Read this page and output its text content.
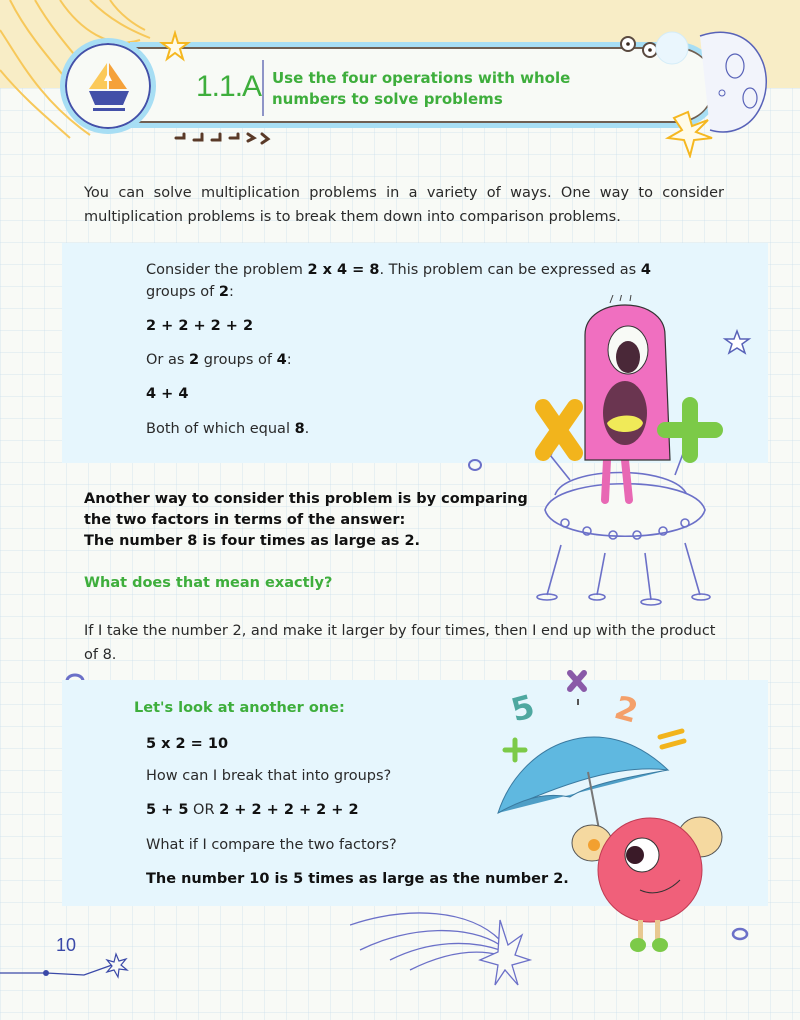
1.1.A Use the four operations with whole numbers to solve problems
You can solve multiplication problems in a variety of ways. One way to consider multiplication problems is to break them down into comparison problems.
Consider the problem 2 x 4 = 8. This problem can be expressed as 4
groups of 2:
2 + 2 + 2 + 2
Or as 2 groups of 4:
4 + 4
Both of which equal 8.
Another way to consider this problem is by comparing
the two factors in terms of the answer:
The number 8 is four times as large as 2.
What does that mean exactly?
If I take the number 2, and make it larger by four times, then I end up with the product of 8.
Let's look at another one:
5 x 2 = 10
How can I break that into groups?
5 + 5 OR 2 + 2 + 2 + 2 + 2
What if I compare the two factors?
The number 10 is 5 times as large as the number 2.
5 2
10
